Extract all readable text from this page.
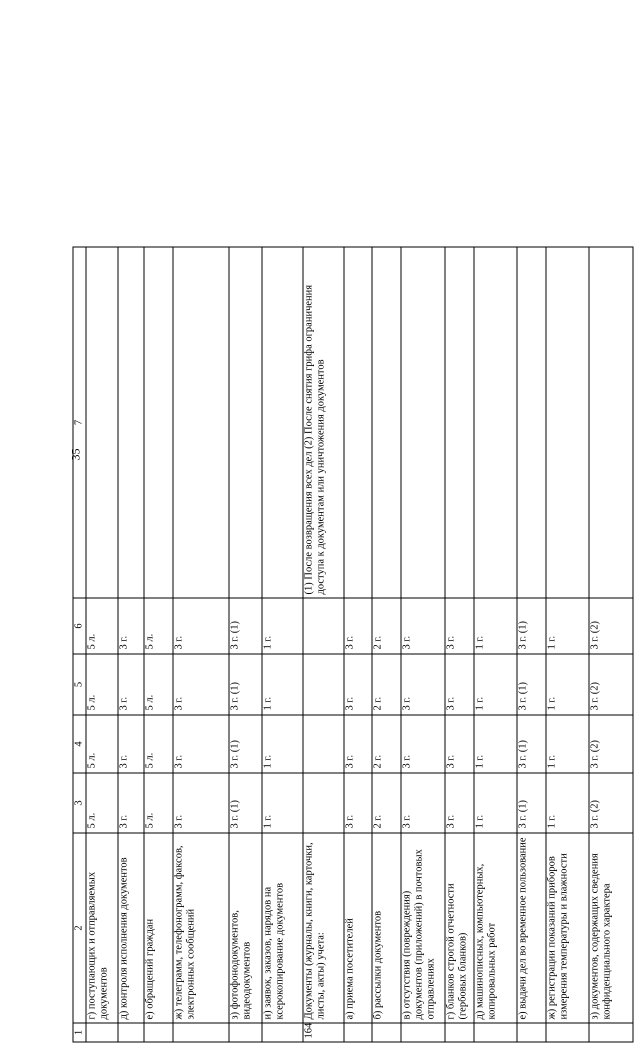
35
1	2	3	4	5	6	7
	г) поступающих и отправляемых документов	5 л.	5 л.	5 л.	5 л.	
	д) контроля исполнения документов	3 г.	3 г.	3 г.	3 г.	
	е) обращений граждан	5 л.	5 л.	5 л.	5 л.	
	ж) телеграмм, телефонограмм, факсов, электронных сообщений	3 г.	3 г.	3 г.	3 г.	
	з) фотофонодокументов, видеодокументов	3 г. (1)	3 г. (1)	3 г. (1)	3 г. (1)	
	и) заявок, заказов, нарядов на ксерокопирование документов	1 г.	1 г.	1 г.	1 г.	
164	Документы (журналы, книги, карточки, листы, акты) учета:					(1) После возвращения всех дел (2) После снятия грифа ограничения доступа к документам или уничтожения документов
	а) приема посетителей	3 г.	3 г.	3 г.	3 г.	
	б) рассылки документов	2 г.	2 г.	2 г.	2 г.	
	в) отсутствия (повреждения) документов (приложений) в почтовых отправлениях	3 г.	3 г.	3 г.	3 г.	
	г) бланков строгой отчетности (гербовых бланков)	3 г.	3 г.	3 г.	3 г.	
	д) машинописных, компьютерных, копировальных работ	1 г.	1 г.	1 г.	1 г.	
	е) выдачи дел во временное пользование	3 г. (1)	3 г. (1)	3 г. (1)	3 г. (1)	
	ж) регистрации показаний приборов измерения температуры и влажности	1 г.	1 г.	1 г.	1 г.	
	з) документов, содержащих сведения конфиденциального характера	3 г. (2)	3 г. (2)	3 г. (2)	3 г. (2)	
